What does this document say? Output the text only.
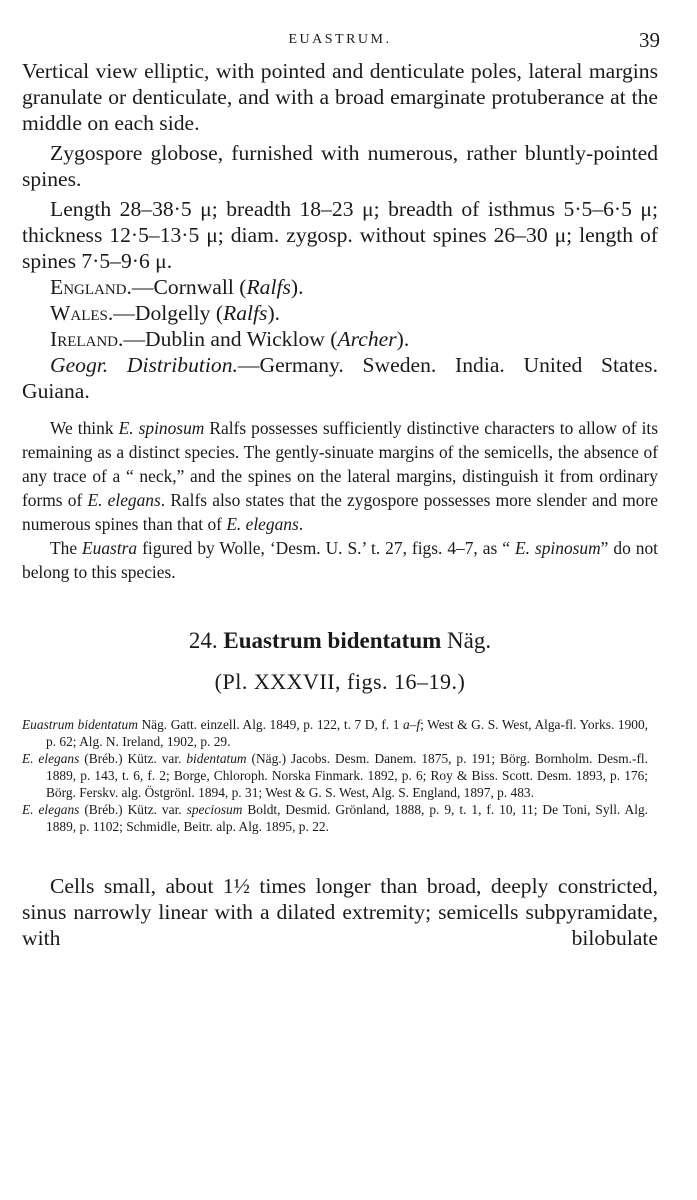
EUASTRUM.	39

Vertical view elliptic, with pointed and denticulate poles, lateral margins granulate or denticulate, and with a broad emarginate protuberance at the middle on each side.

Zygospore globose, furnished with numerous, rather bluntly-pointed spines.

Length 28–38·5 μ; breadth 18–23 μ; breadth of isthmus 5·5–6·5 μ; thickness 12·5–13·5 μ; diam. zygosp. without spines 26–30 μ; length of spines 7·5–9·6 μ.

England.—Cornwall (Ralfs).

Wales.—Dolgelly (Ralfs).

Ireland.—Dublin and Wicklow (Archer).

Geogr. Distribution.—Germany. Sweden. India. United States. Guiana.

We think E. spinosum Ralfs possesses sufficiently distinctive characters to allow of its remaining as a distinct species. The gently-sinuate margins of the semicells, the absence of any trace of a “ neck,” and the spines on the lateral margins, distinguish it from ordinary forms of E. elegans. Ralfs also states that the zygospore possesses more slender and more numerous spines than that of E. elegans.

The Euastra figured by Wolle, ‘Desm. U. S.’ t. 27, figs. 4–7, as “ E. spinosum” do not belong to this species.

24. Euastrum bidentatum Näg.
(Pl. XXXVII, figs. 16–19.)

Euastrum bidentatum Näg. Gatt. einzell. Alg. 1849, p. 122, t. 7 D, f. 1 a–f; West & G. S. West, Alga-fl. Yorks. 1900, p. 62; Alg. N. Ireland, 1902, p. 29.

E. elegans (Bréb.) Kütz. var. bidentatum (Näg.) Jacobs. Desm. Danem. 1875, p. 191; Börg. Bornholm. Desm.-fl. 1889, p. 143, t. 6, f. 2; Borge, Chloroph. Norska Finmark. 1892, p. 6; Roy & Biss. Scott. Desm. 1893, p. 176; Börg. Ferskv. alg. Östgrönl. 1894, p. 31; West & G. S. West, Alg. S. England, 1897, p. 483.

E. elegans (Bréb.) Kütz. var. speciosum Boldt, Desmid. Grönland, 1888, p. 9, t. 1, f. 10, 11; De Toni, Syll. Alg. 1889, p. 1102; Schmidle, Beitr. alp. Alg. 1895, p. 22.

Cells small, about 1½ times longer than broad, deeply constricted, sinus narrowly linear with a dilated extremity; semicells subpyramidate, with bilobulate
